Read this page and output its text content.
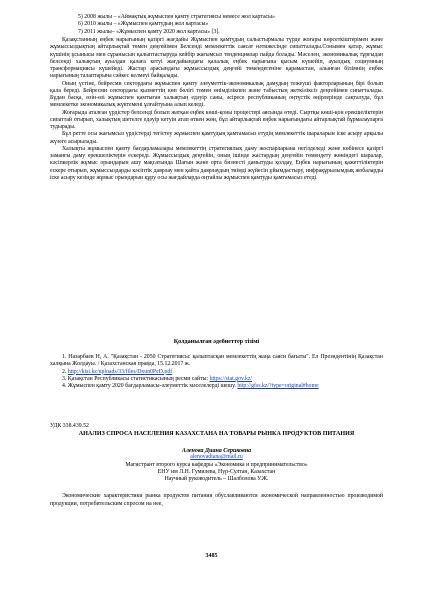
5) 2008 жылы – «Аймақтық жұмыспен қамту стратегиясы немесе жол картасы»

6) 2010 жылы – «Жұмыспен қамтудың жол картасы»

7) 2011 жылы– «Жұмыспен қамту 2020 жол картасы» [3].

Қазақстанның еңбек нарығының қазіргі жағдайы Жұмыспен қамтудың салыстырмалы түрде жоғары көрсеткіштерімен және жұмыссыздықтың айтарлықтай төмен деңгейімен Белсенді мемлекеттік саясат нәтижесінде сипатталады.Сонымен қатар, жұмыс күшінің ұсынысы мен сұранысын қалыптастыруда кейбір жағымсыз тенденциялар пайда болады. Мәселен, экономикалық тұрғыдан белсенді халықтың ауылдан қалаға кетуі жағдайындағы қалалық еңбек нарығына қысым күшейіп, ауылдық социумның трансформациясы күшейеді. Жастар арасындағы жұмыссыздық деңгейі төмендегеніне қарамастан, алынған білімнің еңбек нарығының талаптарына сәйкес келмеуі байқалады.

Оның үстіне, бейресми сектордағы жұмыспен қамту әлеуметтік-экономикалық дамудың тежеуші факторларының бірі болып қала береді. Бейресми сектордағы қызметтің көп бөлігі төмен өнімділікпен және табыстың жеткіліксіз деңгейімен сипатталады. Бұдан басқа, өзін-өзі жұмыспен қамтыған халықтың едәуір саны, әсіресе республиканың оңтүстік өңірлерінде сақталуда, бұл мемлекетке экономикалық жүктемені ұлғайтуына алып келеді.

Жоғарыда аталған үрдістер белсенді болып жатқан еңбек көші-қоны процестері аясында өтеді. Сыртқы көші-қон ерекшеліктерін сипаттай отырып, халықтың шетелге едәуір кетуін атап өткен жөн, бұл айтарлықтай еңбек нарығындағы айтарлықтай бұрмалауларға тудырады.

Бұл ретте осы жағымсыз үрдістерді тегістеу жұмыспен қамтудың қамтамасыз етудің мемлекеттік шараларын іске асыру арқылы жүзеге асырылады.

Халықты жұмыспен қамту бағдарламалары мемлекеттің стратегиялық даму жоспарларына негізделеді және көбінесе қазіргі заманғы даму ерекшеліктерін ескереді. Жұмыссыздық деңгейін, оның ішінде жастардың деңгейін төмендету жөніндегі шаралар, кәсіпкерлік жұмыс орындарын ашу мақсатында Шағын және орта бизнесті дамытуды қолдау, Еңбек нарығының қажеттіліктерін ескере отырып, жұмыссыздарды кәсіптік даярлау мен қайта даярлаудың тиімді жүйесін ұйымдастыру, инфрақұрылымдық жобаларды іске асыру кезінде жұмыс орындарын құру осы жағдайларда оңтайлы жұмыспен қамтуды қамтамасыз етеді.

Қолданылған әдебиеттер тізімі

1. Назарбаев Н, А. "Қазақстан - 2050 Стратегиясы: қалыптасқан мемлекеттің жаңа саяси бағыты". Ел Президентінің Қазақстан халқына Жолдауы. / Қазахстанская правда, 15.12.2017 ж.

2. http://kisi.kz/uploads/33/files/Dxun0PeD.pdf

3. Қазақстан Республикасы статистикасының ресми сайты: https://stat.gov.kz/

4. Жұмыспен қамту 2020 бағдарламасы-әлеуметтік мәселелерді шешу. http://gfss.kz/?type=original#home

УДК 338.439.52

АНАЛИЗ СПРОСА НАСЕЛЕНИЯ КАЗАХСТАНА НА ТОВАРЫ РЫНКА ПРОДУКТОВ ПИТАНИЯ

Аленова Диана Сериковна

alenovadiana@mail.ru

Магистрант второго курса кафедры «Экономика и предпринимательство»

ЕНУ им Л.Н. Гумилева, Нур-Султан, Казахстан

Научный руководитель – Шалболова У.Ж.

Экономические характеристики рынка продуктов питания обуславливаются экономической направленностью производимой продукции, потребительским спросом на нее,

3485
